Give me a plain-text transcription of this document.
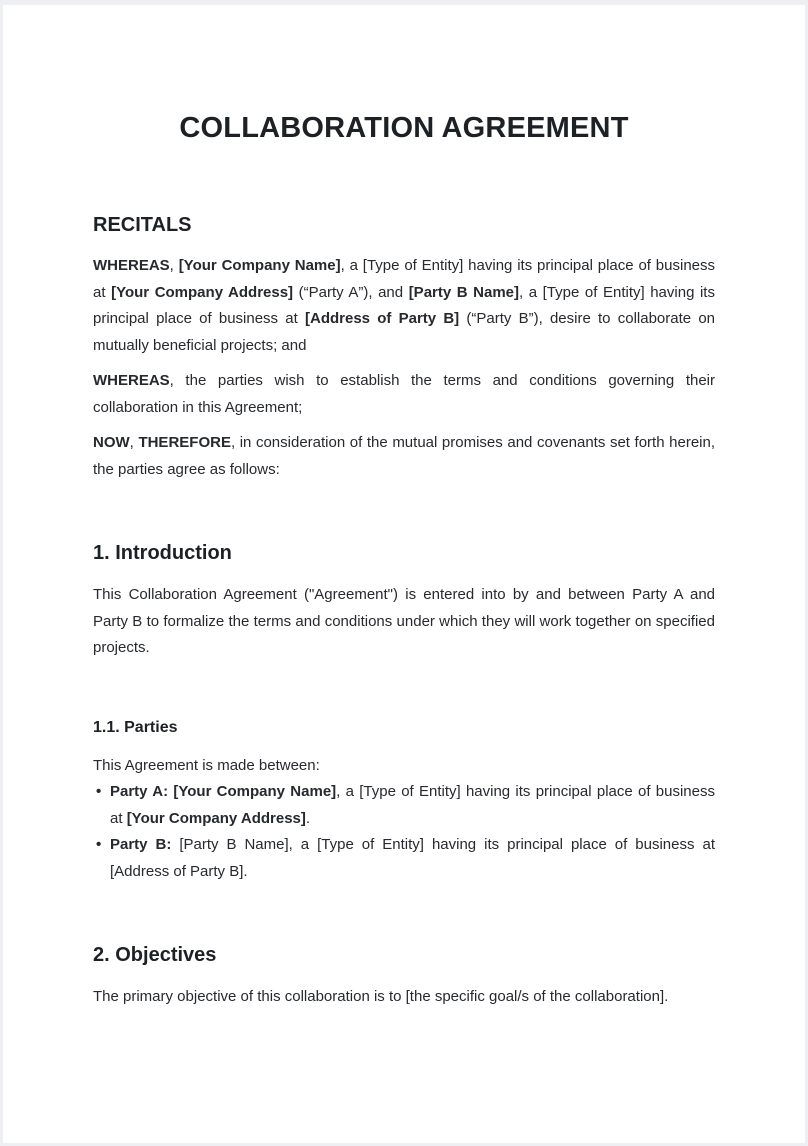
COLLABORATION AGREEMENT
RECITALS

WHEREAS, [Your Company Name], a [Type of Entity] having its principal place of business at [Your Company Address] (“Party A”), and [Party B Name], a [Type of Entity] having its principal place of business at [Address of Party B] (“Party B”), desire to collaborate on mutually beneficial projects; and

WHEREAS, the parties wish to establish the terms and conditions governing their collaboration in this Agreement;

NOW, THEREFORE, in consideration of the mutual promises and covenants set forth herein, the parties agree as follows:

1. Introduction

This Collaboration Agreement ("Agreement") is entered into by and between Party A and Party B to formalize the terms and conditions under which they will work together on specified projects.

1.1. Parties

This Agreement is made between:

• Party A: [Your Company Name], a [Type of Entity] having its principal place of business at [Your Company Address].
• Party B: [Party B Name], a [Type of Entity] having its principal place of business at [Address of Party B].
2. Objectives

The primary objective of this collaboration is to [the specific goal/s of the collaboration].
